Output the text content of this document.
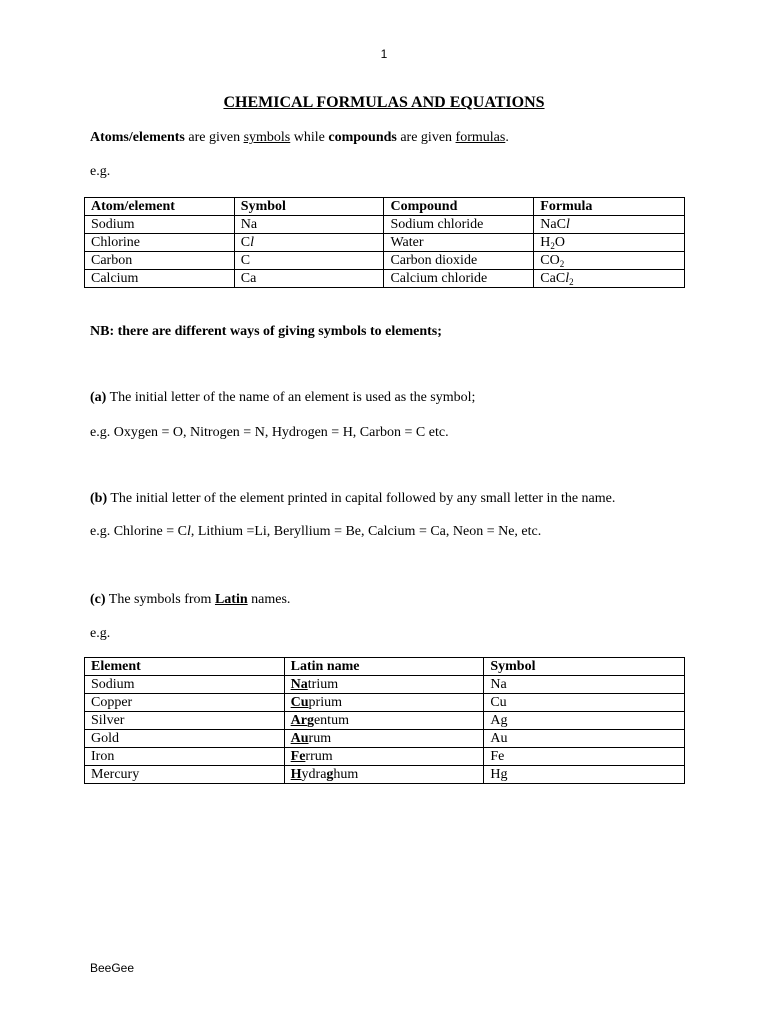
1
CHEMICAL FORMULAS AND EQUATIONS
Atoms/elements are given symbols while compounds are given formulas.
e.g.
Atom/element	Symbol	Compound	Formula
Sodium	Na	Sodium chloride	NaCl
Chlorine	Cl	Water	$H_2O$
Carbon	C	Carbon dioxide	$CO_2$
Calcium	Ca	Calcium chloride	CaCl$_2$
NB: there are different ways of giving symbols to elements;
(a) The initial letter of the name of an element is used as the symbol;
e.g. Oxygen = O, Nitrogen = N, Hydrogen = H, Carbon = C etc.
(b) The initial letter of the element printed in capital followed by any small letter in the name.
e.g. Chlorine = Cl, Lithium =Li, Beryllium = Be, Calcium = Ca, Neon = Ne, etc.
(c) The symbols from Latin names.
e.g.
Element	Latin name	Symbol
Sodium	Natrium	Na
Copper	Cuprium	Cu
Silver	Argentum	Ag
Gold	Aurum	Au
Iron	Ferrum	Fe
Mercury	Hydraghum	Hg
BeeGee
